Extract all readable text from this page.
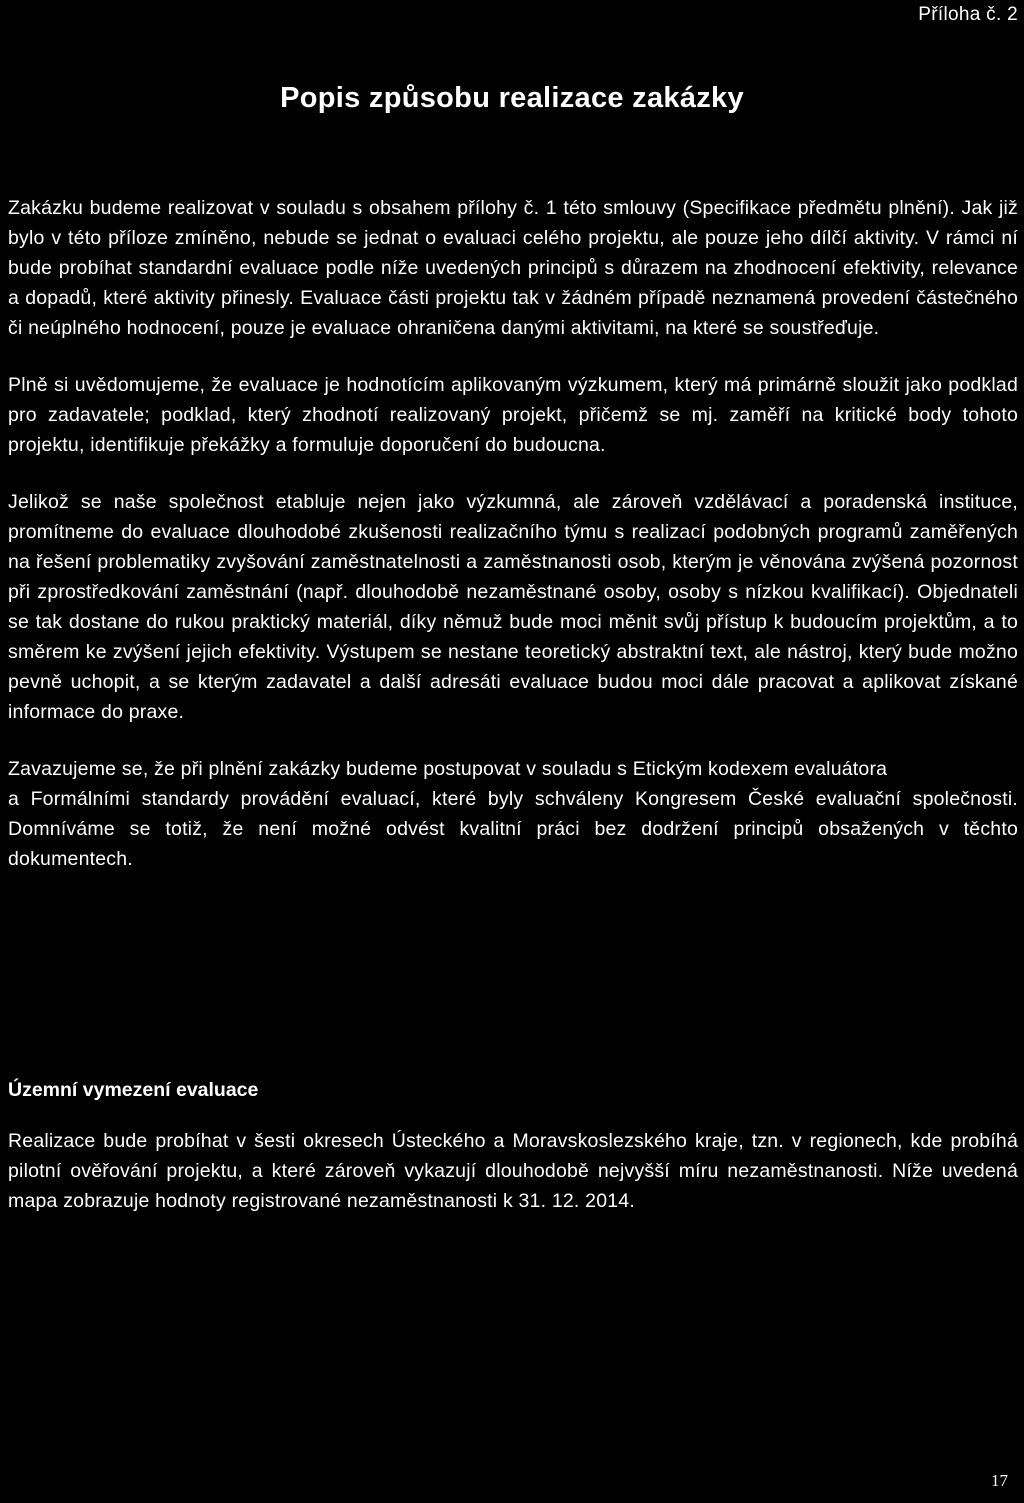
Příloha č. 2
Popis způsobu realizace zakázky

Zakázku budeme realizovat v souladu s obsahem přílohy č. 1 této smlouvy (Specifikace předmětu plnění). Jak již bylo v této příloze zmíněno, nebude se jednat o evaluaci celého projektu, ale pouze jeho dílčí aktivity. V rámci ní bude probíhat standardní evaluace podle níže uvedených principů s důrazem na zhodnocení efektivity, relevance a dopadů, které aktivity přinesly. Evaluace části projektu tak v žádném případě neznamená provedení částečného či neúplného hodnocení, pouze je evaluace ohraničena danými aktivitami, na které se soustřeďuje.

Plně si uvědomujeme, že evaluace je hodnotícím aplikovaným výzkumem, který má primárně sloužit jako podklad pro zadavatele; podklad, který zhodnotí realizovaný projekt, přičemž se mj. zaměří na kritické body tohoto projektu, identifikuje překážky a formuluje doporučení do budoucna.

Jelikož se naše společnost etabluje nejen jako výzkumná, ale zároveň vzdělávací a poradenská instituce, promítneme do evaluace dlouhodobé zkušenosti realizačního týmu s realizací podobných programů zaměřených na řešení problematiky zvyšování zaměstnatelnosti a zaměstnanosti osob, kterým je věnována zvýšená pozornost při zprostředkování zaměstnání (např. dlouhodobě nezaměstnané osoby, osoby s nízkou kvalifikací). Objednateli se tak dostane do rukou praktický materiál, díky němuž bude moci měnit svůj přístup k budoucím projektům, a to směrem ke zvýšení jejich efektivity. Výstupem se nestane teoretický abstraktní text, ale nástroj, který bude možno pevně uchopit, a se kterým zadavatel a další adresáti evaluace budou moci dále pracovat a aplikovat získané informace do praxe.

Zavazujeme se, že při plnění zakázky budeme postupovat v souladu s Etickým kodexem evaluátora

a Formálními standardy provádění evaluací, které byly schváleny Kongresem České evaluační společnosti. Domníváme se totiž, že není možné odvést kvalitní práci bez dodržení principů obsažených v těchto dokumentech.

Územní vymezení evaluace

Realizace bude probíhat v šesti okresech Ústeckého a Moravskoslezského kraje, tzn. v regionech, kde probíhá pilotní ověřování projektu, a které zároveň vykazují dlouhodobě nejvyšší míru nezaměstnanosti. Níže uvedená mapa zobrazuje hodnoty registrované nezaměstnanosti k 31. 12. 2014.

17
